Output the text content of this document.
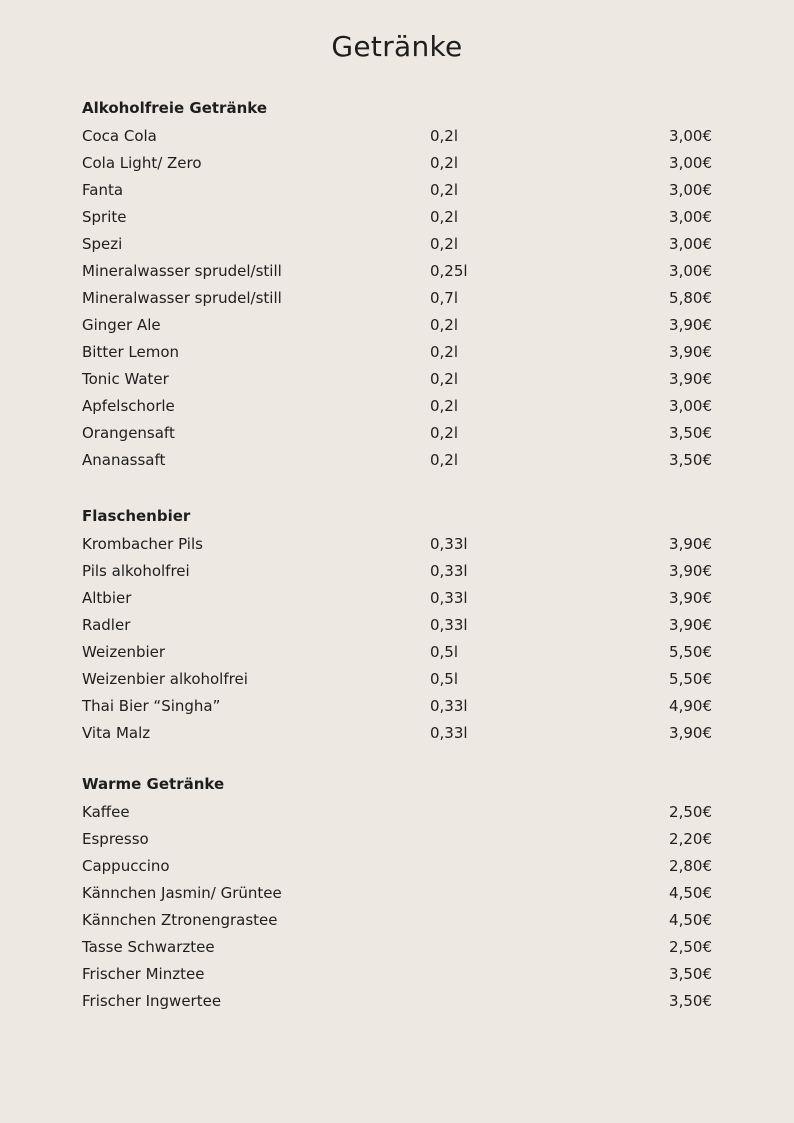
Getränke
Alkoholfreie Getränke
Coca Cola	0,2l	3,00€
Cola Light/ Zero	0,2l	3,00€
Fanta	0,2l	3,00€
Sprite	0,2l	3,00€
Spezi	0,2l	3,00€
Mineralwasser sprudel/still	0,25l	3,00€
Mineralwasser sprudel/still	0,7l	5,80€
Ginger Ale	0,2l	3,90€
Bitter Lemon	0,2l	3,90€
Tonic Water	0,2l	3,90€
Apfelschorle	0,2l	3,00€
Orangensaft	0,2l	3,50€
Ananassaft	0,2l	3,50€
Flaschenbier
Krombacher Pils	0,33l	3,90€
Pils alkoholfrei	0,33l	3,90€
Altbier	0,33l	3,90€
Radler	0,33l	3,90€
Weizenbier	0,5l	5,50€
Weizenbier alkoholfrei	0,5l	5,50€
Thai Bier “Singha”	0,33l	4,90€
Vita Malz	0,33l	3,90€
Warme Getränke
Kaffee	2,50€
Espresso	2,20€
Cappuccino	2,80€
Kännchen Jasmin/ Grüntee	4,50€
Kännchen Ztronengrastee	4,50€
Tasse Schwarztee	2,50€
Frischer Minztee	3,50€
Frischer Ingwertee	3,50€
